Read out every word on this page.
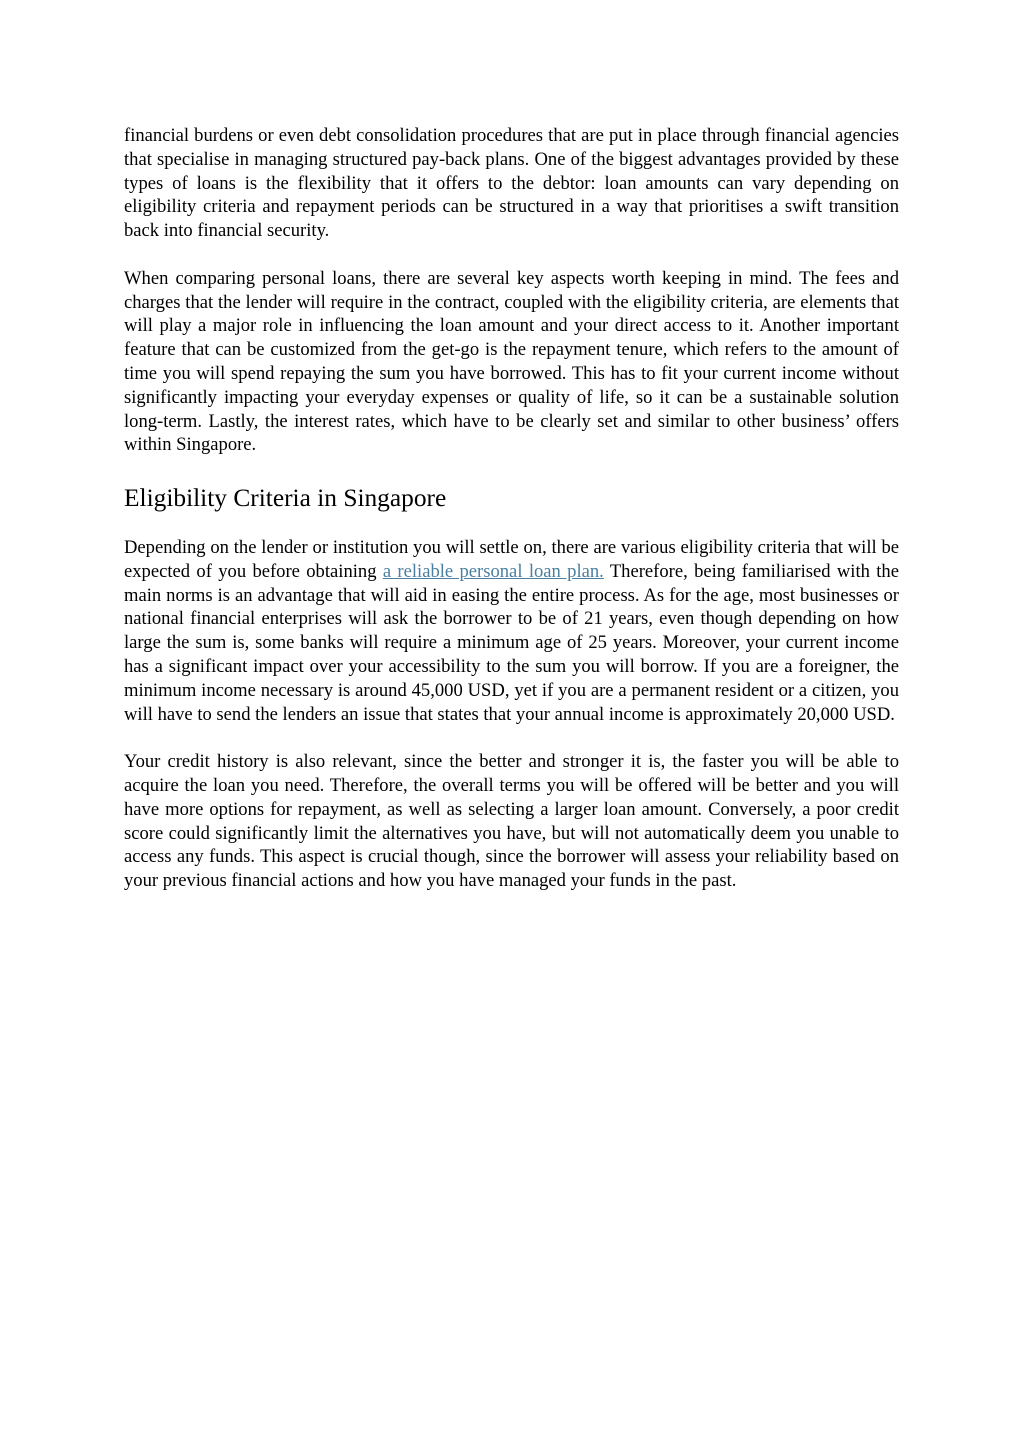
financial burdens or even debt consolidation procedures that are put in place through financial agencies that specialise in managing structured pay-back plans. One of the biggest advantages provided by these types of loans is the flexibility that it offers to the debtor: loan amounts can vary depending on eligibility criteria and repayment periods can be structured in a way that prioritises a swift transition back into financial security.

When comparing personal loans, there are several key aspects worth keeping in mind. The fees and charges that the lender will require in the contract, coupled with the eligibility criteria, are elements that will play a major role in influencing the loan amount and your direct access to it. Another important feature that can be customized from the get-go is the repayment tenure, which refers to the amount of time you will spend repaying the sum you have borrowed. This has to fit your current income without significantly impacting your everyday expenses or quality of life, so it can be a sustainable solution long-term. Lastly, the interest rates, which have to be clearly set and similar to other business’ offers within Singapore.

Eligibility Criteria in Singapore

Depending on the lender or institution you will settle on, there are various eligibility criteria that will be expected of you before obtaining a reliable personal loan plan. Therefore, being familiarised with the main norms is an advantage that will aid in easing the entire process. As for the age, most businesses or national financial enterprises will ask the borrower to be of 21 years, even though depending on how large the sum is, some banks will require a minimum age of 25 years. Moreover, your current income has a significant impact over your accessibility to the sum you will borrow. If you are a foreigner, the minimum income necessary is around 45,000 USD, yet if you are a permanent resident or a citizen, you will have to send the lenders an issue that states that your annual income is approximately 20,000 USD.

Your credit history is also relevant, since the better and stronger it is, the faster you will be able to acquire the loan you need. Therefore, the overall terms you will be offered will be better and you will have more options for repayment, as well as selecting a larger loan amount. Conversely, a poor credit score could significantly limit the alternatives you have, but will not automatically deem you unable to access any funds. This aspect is crucial though, since the borrower will assess your reliability based on your previous financial actions and how you have managed your funds in the past.
